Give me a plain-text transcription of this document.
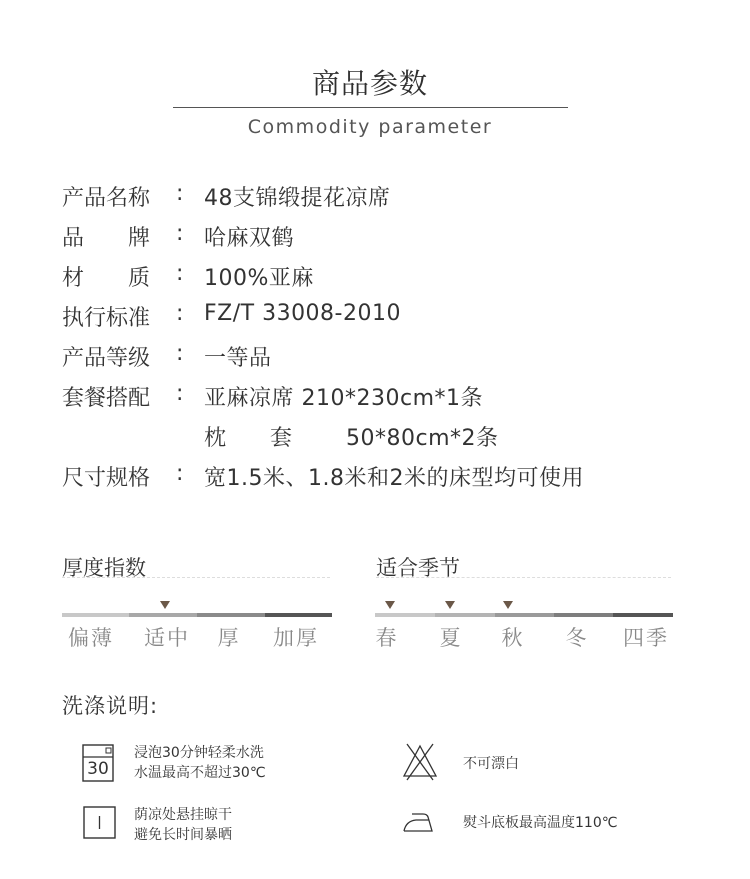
商品参数
Commodity parameter
产品名称	: 48支锦缎提花凉席
品　　牌	: 哈麻双鹤
材　　质	: 100%亚麻
执行标准	: FZ/T 33008-2010
产品等级	: 一等品
套餐搭配	: 亚麻凉席 210*230cm*1条
枕　　套 50*80cm*2条
尺寸规格	: 宽1.5米、1.8米和2米的床型均可使用
厚度指数
偏薄 适中	厚	加厚
适合季节
春 夏 秋 冬 四季
洗涤说明:
30
浸泡30分钟轻柔水洗
水温最高不超过30℃
不可漂白
荫凉处悬挂晾干
避免长时间暴晒
熨斗底板最高温度110℃
